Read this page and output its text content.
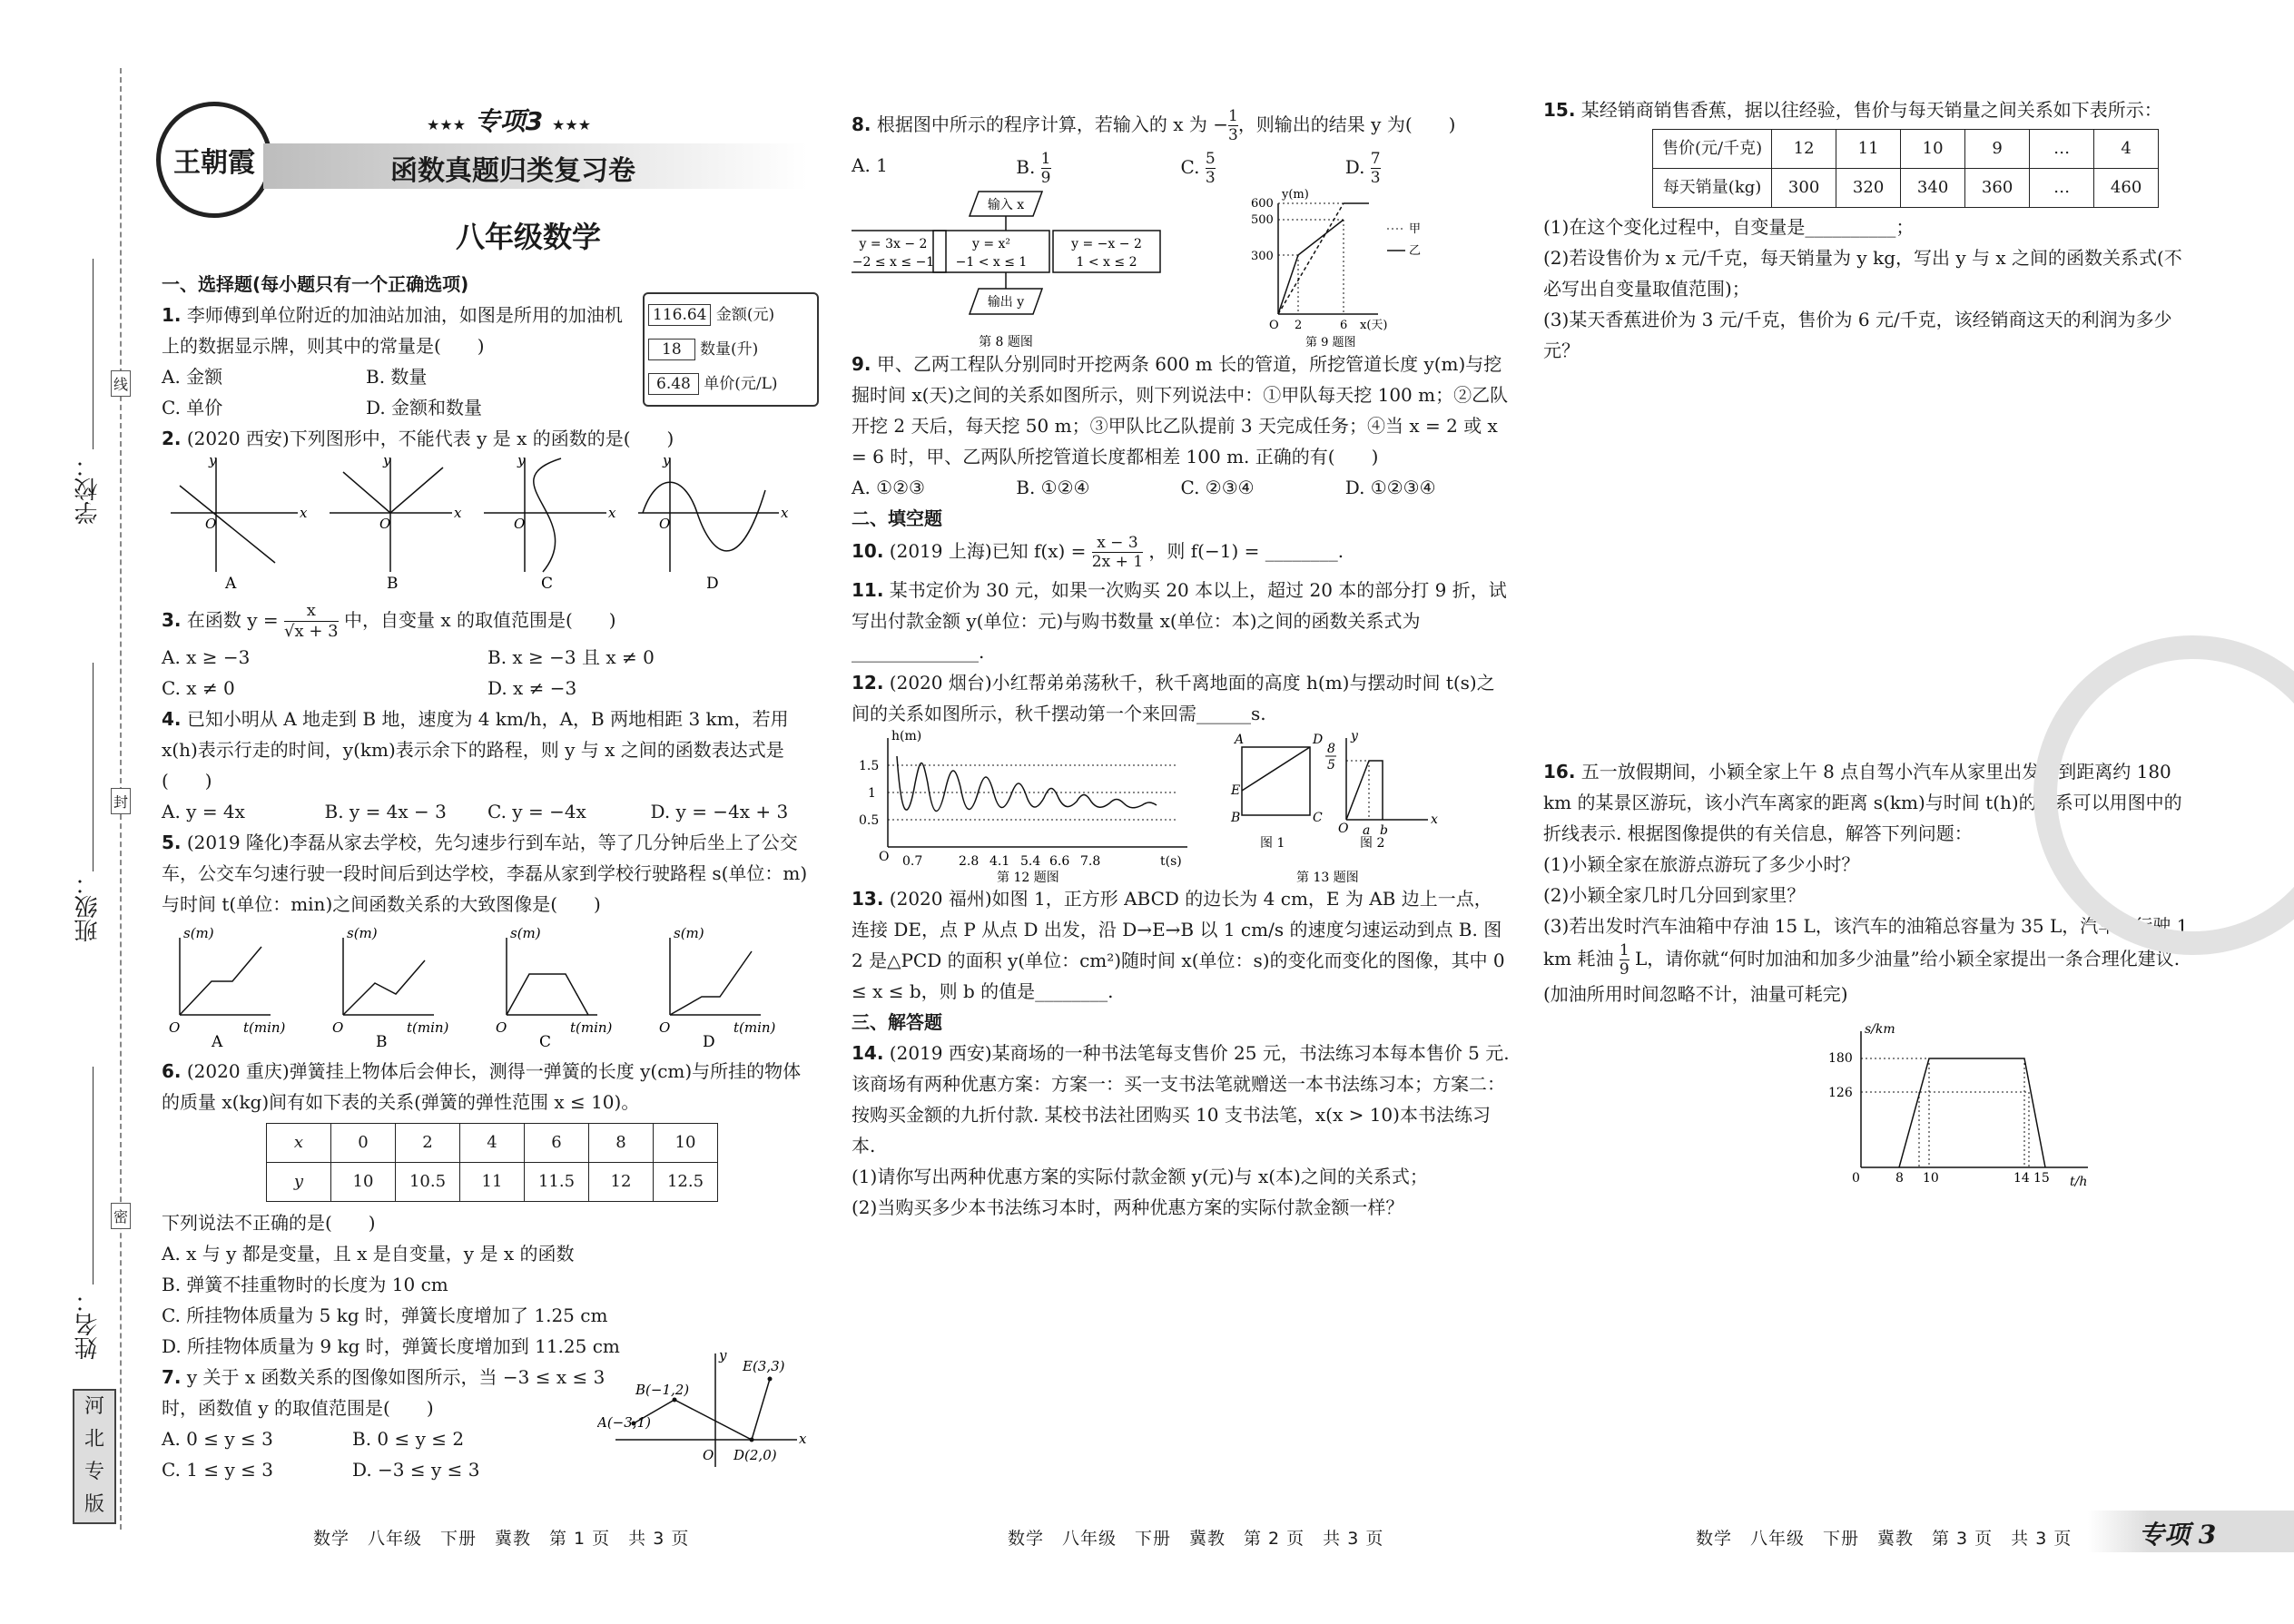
学校：
班级：
姓名：
线
封
密
河
北
专
版
王朝霞
★★★ 专项3 ★★★
函数真题归类复习卷
八年级数学
一、选择题(每小题只有一个正确选项)
1. 李师傅到单位附近的加油站加油，如图是所用的加油机上的数据显示牌，则其中的常量是(　　)
A. 金额	B. 数量
C. 单价	D. 金额和数量
116.64 金额(元)
18 数量(升)
6.48 单价(元/L)
2. (2020 西安)下列图形中，不能代表 y 是 x 的函数的是(　　)
x
y
O
x
y
O
x
y
O
x
y
O
A	B	C	D
3. 在函数 $y = \frac{x}{√x + 3}$ 中，自变量 x 的取值范围是(　　)
A. x ≥ −3	B. x ≥ −3 且 x ≠ 0
C. x ≠ 0	D. x ≠ −3
4. 已知小明从 A 地走到 B 地，速度为 4 km/h，A，B 两地相距 3 km，若用 x(h)表示行走的时间，y(km)表示余下的路程，则 y 与 x 之间的函数表达式是(　　)
A. y = 4x	B. y = 4x − 3	C. y = −4x	D. y = −4x + 3
5. (2019 隆化)李磊从家去学校，先匀速步行到车站，等了几分钟后坐上了公交车，公交车匀速行驶一段时间后到达学校，李磊从家到学校行驶路程 s(单位：m)与时间 t(单位：min)之间函数关系的大致图像是(　　)
s(m)
t(min)
O
s(m)
t(min)
O
s(m)
t(min)
O
s(m)
t(min)
O
A	B	C	D
6. (2020 重庆)弹簧挂上物体后会伸长，测得一弹簧的长度 y(cm)与所挂的物体的质量 x(kg)间有如下表的关系(弹簧的弹性范围 x ≤ 10)。
x	0	2	4	6	8	10
y	10	10.5	11	11.5	12	12.5
下列说法不正确的是(　　)
A. x 与 y 都是变量，且 x 是自变量，y 是 x 的函数
B. 弹簧不挂重物时的长度为 10 cm
C. 所挂物体质量为 5 kg 时，弹簧长度增加了 1.25 cm
D. 所挂物体质量为 9 kg 时，弹簧长度增加到 11.25 cm
7. y 关于 x 函数关系的图像如图所示，当 −3 ≤ x ≤ 3 时，函数值 y 的取值范围是(　　)
A. 0 ≤ y ≤ 3	B. 0 ≤ y ≤ 2
C. 1 ≤ y ≤ 3	D. −3 ≤ y ≤ 3
A(−3,1)
B(−1,2)
D(2,0)
E(3,3)
O
x
y
8. 根据图中所示的程序计算，若输入的 x 为 − $\frac{1}{3}$ ，则输出的结果 y 为(　　)
A. 1	B. $\frac{1}{9}$	C. $\frac{5}{3}$	D. $\frac{7}{3}$
输入 x
y = 3x − 2
−2 ≤ x ≤ −1
y = x²
−1 < x ≤ 1
y = −x − 2
1 < x ≤ 2
输出 y
第 8 题图
y(m)
600
500
300
2	6 x(天)
O
甲
乙
第 9 题图
9. 甲、乙两工程队分别同时开挖两条 600 m 长的管道，所挖管道长度 y(m)与挖掘时间 x(天)之间的关系如图所示，则下列说法中：①甲队每天挖 100 m；②乙队开挖 2 天后，每天挖 50 m；③甲队比乙队提前 3 天完成任务；④当 x = 2 或 x = 6 时，甲、乙两队所挖管道长度都相差 100 m. 正确的有(　　)
A. ①②③	B. ①②④	C. ②③④	D. ①②③④
二、填空题
10. (2019 上海)已知 $f(x) = \frac{x - 3}{2x + 1}$ ，则 f(−1) = ________.
11. 某书定价为 30 元，如果一次购买 20 本以上，超过 20 本的部分打 9 折，试写出付款金额 y(单位：元)与购书数量 x(单位：本)之间的函数关系式为______________.
12. (2020 烟台)小红帮弟弟荡秋千，秋千离地面的高度 h(m)与摆动时间 t(s)之间的关系如图所示，秋千摆动第一个来回需______s.
h(m)
O
1.5
1
0.5
0.7	2.8 4.1 5.4 6.6 7.8	t(s)
第 12 题图
A	D
E
B	C
y
x
O a b
8
5
图 1	图 2
第 13 题图
13. (2020 福州)如图 1，正方形 ABCD 的边长为 4 cm，E 为 AB 边上一点，连接 DE，点 P 从点 D 出发，沿 D→E→B 以 1 cm/s 的速度匀速运动到点 B. 图 2 是△PCD 的面积 y(单位：cm²)随时间 x(单位：s)的变化而变化的图像，其中 0 ≤ x ≤ b，则 b 的值是________.
三、解答题
14. (2019 西安)某商场的一种书法笔每支售价 25 元，书法练习本每本售价 5 元. 该商场有两种优惠方案：方案一：买一支书法笔就赠送一本书法练习本；方案二：按购买金额的九折付款. 某校书法社团购买 10 支书法笔，x(x > 10)本书法练习本.
(1)请你写出两种优惠方案的实际付款金额 y(元)与 x(本)之间的关系式；
(2)当购买多少本书法练习本时，两种优惠方案的实际付款金额一样？
15. 某经销商销售香蕉，据以往经验，售价与每天销量之间关系如下表所示：
售价(元/千克)	12	11	10	9	…	4
每天销量(kg)	300	320	340	360	…	460
(1)在这个变化过程中，自变量是__________；
(2)若设售价为 x 元/千克，每天销量为 y kg，写出 y 与 x 之间的函数关系式(不必写出自变量取值范围)；
(3)某天香蕉进价为 3 元/千克，售价为 6 元/千克，该经销商这天的利润为多少元？
16. 五一放假期间，小颖全家上午 8 点自驾小汽车从家里出发，到距离约 180 km 的某景区游玩，该小汽车离家的距离 s(km)与时间 t(h)的关系可以用图中的折线表示. 根据图像提供的有关信息，解答下列问题：
(1)小颖全家在旅游点游玩了多少小时？
(2)小颖全家几时几分回到家里？
(3)若出发时汽车油箱中存油 15 L，该汽车的油箱总容量为 35 L，汽车每行驶 1 km 耗油 $\frac{1}{9}$ L，请你就“何时加油和加多少油量”给小颖全家提出一条合理化建议.(加油所用时间忽略不计，油量可耗完)
s/km
180
126
0	8 10	14 15 t/h
数学　八年级　下册　冀教　第 1 页　共 3 页	数学　八年级　下册　冀教　第 2 页　共 3 页	数学　八年级　下册　冀教　第 3 页　共 3 页	专项 3
